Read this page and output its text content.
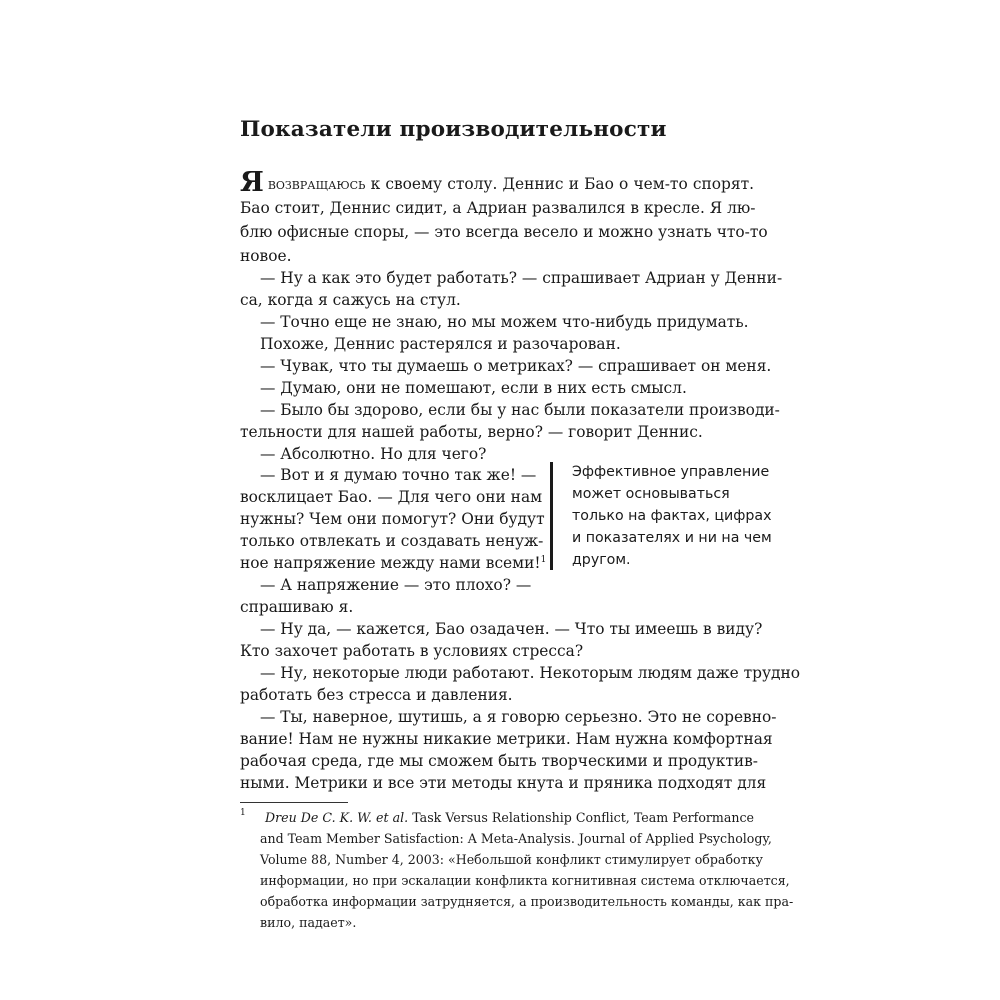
Показатели производительности
Явозвращаюсь к своему столу. Деннис и Бао о чем-то спорят.
Бао стоит, Деннис сидит, а Адриан развалился в кресле. Я лю-
блю офисные споры, — это всегда весело и можно узнать что-то
новое.
— Ну а как это будет работать? — спрашивает Адриан у Денни-
са, когда я сажусь на стул.
— Точно еще не знаю, но мы можем что-нибудь придумать.
Похоже, Деннис растерялся и разочарован.
— Чувак, что ты думаешь о метриках? — спрашивает он меня.
— Думаю, они не помешают, если в них есть смысл.
— Было бы здорово, если бы у нас были показатели производи-
тельности для нашей работы, верно? — говорит Деннис.
— Абсолютно. Но для чего?
— Вот и я думаю точно так же! —
восклицает Бао. — Для чего они нам
нужны? Чем они помогут? Они будут
только отвлекать и создавать ненуж-
ное напряжение между нами всеми!$^1$
— А напряжение — это плохо? —
спрашиваю я.
Эффективное управление
может основываться
только на фактах, цифрах
и показателях и ни на чем
другом.
— Ну да, — кажется, Бао озадачен. — Что ты имеешь в виду?
Кто захочет работать в условиях стресса?
— Ну, некоторые люди работают. Некоторым людям даже трудно
работать без стресса и давления.
— Ты, наверное, шутишь, а я говорю серьезно. Это не соревно-
вание! Нам не нужны никакие метрики. Нам нужна комфортная
рабочая среда, где мы сможем быть творческими и продуктив-
ными. Метрики и все эти методы кнута и пряника подходят для
1 Dreu De C. K. W. et al. Task Versus Relationship Conflict, Team Performance
and Team Member Satisfaction: A Meta-Analysis. Journal of Applied Psychology,
Volume 88, Number 4, 2003: «Небольшой конфликт стимулирует обработку
информации, но при эскалации конфликта когнитивная система отключается,
обработка информации затрудняется, а производительность команды, как пра-
вило, падает».
